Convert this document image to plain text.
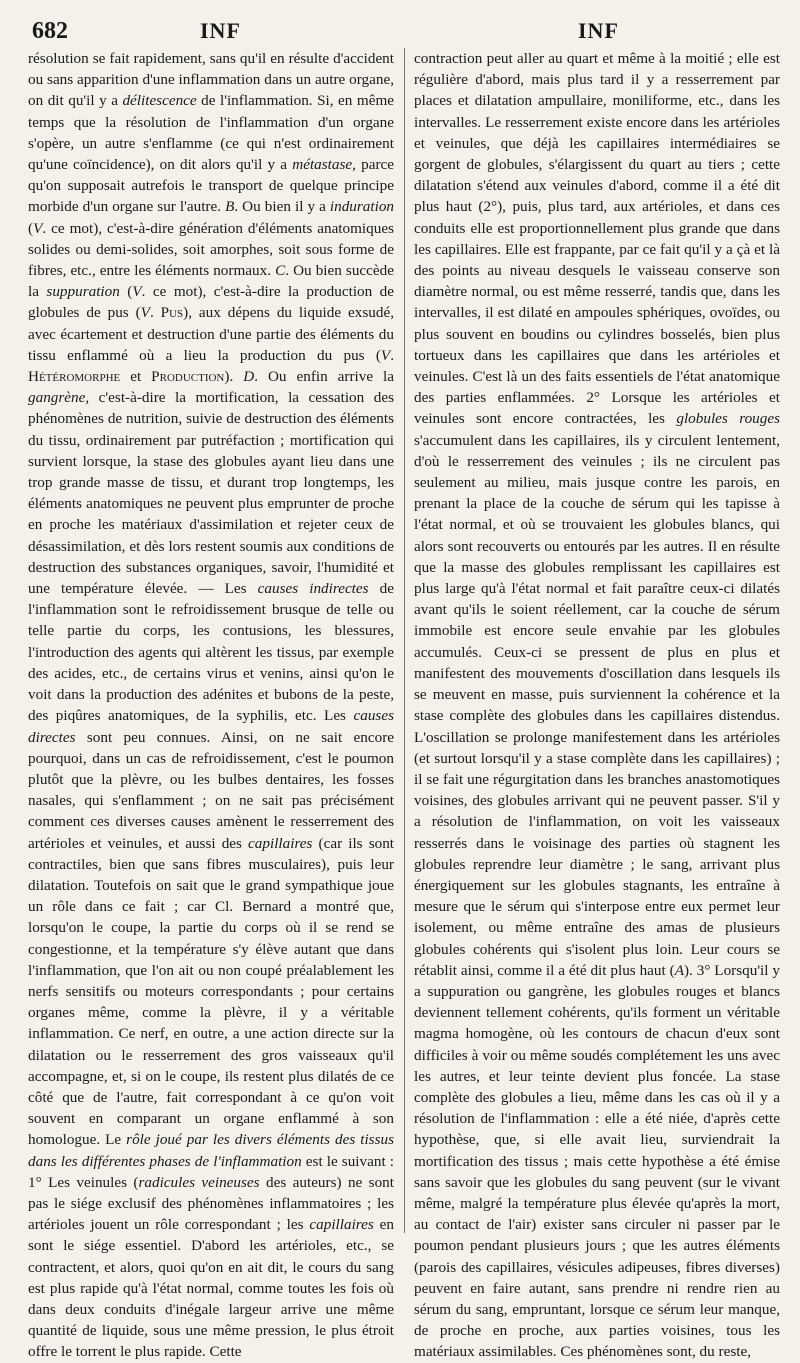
682	INF	INF

résolution se fait rapidement, sans qu'il en résulte d'accident ou sans apparition d'une inflammation dans un autre organe, on dit qu'il y a délitescence de l'inflammation. Si, en même temps que la résolution de l'inflammation d'un organe s'opère, un autre s'enflamme (ce qui n'est ordinairement qu'une coïncidence), on dit alors qu'il y a métastase, parce qu'on supposait autrefois le transport de quelque principe morbide d'un organe sur l'autre. B. Ou bien il y a induration (V. ce mot), c'est-à-dire génération d'éléments anatomiques solides ou demi-solides, soit amorphes, soit sous forme de fibres, etc., entre les éléments normaux. C. Ou bien succède la suppuration (V. ce mot), c'est-à-dire la production de globules de pus (V. Pus), aux dépens du liquide exsudé, avec écartement et destruction d'une partie des éléments du tissu enflammé où a lieu la production du pus (V. Hétéromorphe et Production). D. Ou enfin arrive la gangrène, c'est-à-dire la mortification, la cessation des phénomènes de nutrition, suivie de destruction des éléments du tissu, ordinairement par putréfaction ; mortification qui survient lorsque, la stase des globules ayant lieu dans une trop grande masse de tissu, et durant trop longtemps, les éléments anatomiques ne peuvent plus emprunter de proche en proche les matériaux d'assimilation et rejeter ceux de désassimilation, et dès lors restent soumis aux conditions de destruction des substances organiques, savoir, l'humidité et une température élevée. — Les causes indirectes de l'inflammation sont le refroidissement brusque de telle ou telle partie du corps, les contusions, les blessures, l'introduction des agents qui altèrent les tissus, par exemple des acides, etc., de certains virus et venins, ainsi qu'on le voit dans la production des adénites et bubons de la peste, des piqûres anatomiques, de la syphilis, etc. Les causes directes sont peu connues. Ainsi, on ne sait encore pourquoi, dans un cas de refroidissement, c'est le poumon plutôt que la plèvre, ou les bulbes dentaires, les fosses nasales, qui s'enflamment ; on ne sait pas précisément comment ces diverses causes amènent le resserrement des artérioles et veinules, et aussi des capillaires (car ils sont contractiles, bien que sans fibres musculaires), puis leur dilatation. Toutefois on sait que le grand sympathique joue un rôle dans ce fait ; car Cl. Bernard a montré que, lorsqu'on le coupe, la partie du corps où il se rend se congestionne, et la température s'y élève autant que dans l'inflammation, que l'on ait ou non coupé préalablement les nerfs sensitifs ou moteurs correspondants ; pour certains organes même, comme la plèvre, il y a véritable inflammation. Ce nerf, en outre, a une action directe sur la dilatation ou le resserrement des gros vaisseaux qu'il accompagne, et, si on le coupe, ils restent plus dilatés de ce côté que de l'autre, fait correspondant à ce qu'on voit souvent en comparant un organe enflammé à son homologue. Le rôle joué par les divers éléments des tissus dans les différentes phases de l'inflammation est le suivant : 1° Les veinules (radicules veineuses des auteurs) ne sont pas le siége exclusif des phénomènes inflammatoires ; les artérioles jouent un rôle correspondant ; les capillaires en sont le siége essentiel. D'abord les artérioles, etc., se contractent, et alors, quoi qu'on en ait dit, le cours du sang est plus rapide qu'à l'état normal, comme toutes les fois où dans deux conduits d'inégale largeur arrive une même quantité de liquide, sous une même pression, le plus étroit offre le torrent le plus rapide. Cette

contraction peut aller au quart et même à la moitié ; elle est régulière d'abord, mais plus tard il y a resserrement par places et dilatation ampullaire, moniliforme, etc., dans les intervalles. Le resserrement existe encore dans les artérioles et veinules, que déjà les capillaires intermédiaires se gorgent de globules, s'élargissent du quart au tiers ; cette dilatation s'étend aux veinules d'abord, comme il a été dit plus haut (2°), puis, plus tard, aux artérioles, et dans ces conduits elle est proportionnellement plus grande que dans les capillaires. Elle est frappante, par ce fait qu'il y a çà et là des points au niveau desquels le vaisseau conserve son diamètre normal, ou est même resserré, tandis que, dans les intervalles, il est dilaté en ampoules sphériques, ovoïdes, ou plus souvent en boudins ou cylindres bosselés, bien plus tortueux dans les capillaires que dans les artérioles et veinules. C'est là un des faits essentiels de l'état anatomique des parties enflammées. 2° Lorsque les artérioles et veinules sont encore contractées, les globules rouges s'accumulent dans les capillaires, ils y circulent lentement, d'où le resserrement des veinules ; ils ne circulent pas seulement au milieu, mais jusque contre les parois, en prenant la place de la couche de sérum qui les tapisse à l'état normal, et où se trouvaient les globules blancs, qui alors sont recouverts ou entourés par les autres. Il en résulte que la masse des globules remplissant les capillaires est plus large qu'à l'état normal et fait paraître ceux-ci dilatés avant qu'ils le soient réellement, car la couche de sérum immobile est encore seule envahie par les globules accumulés. Ceux-ci se pressent de plus en plus et manifestent des mouvements d'oscillation dans lesquels ils se meuvent en masse, puis surviennent la cohérence et la stase complète des globules dans les capillaires distendus. L'oscillation se prolonge manifestement dans les artérioles (et surtout lorsqu'il y a stase complète dans les capillaires) ; il se fait une régurgitation dans les branches anastomotiques voisines, des globules arrivant qui ne peuvent passer. S'il y a résolution de l'inflammation, on voit les vaisseaux resserrés dans le voisinage des parties où stagnent les globules reprendre leur diamètre ; le sang, arrivant plus énergiquement sur les globules stagnants, les entraîne à mesure que le sérum qui s'interpose entre eux permet leur isolement, ou même entraîne des amas de plusieurs globules cohérents qui s'isolent plus loin. Leur cours se rétablit ainsi, comme il a été dit plus haut (A). 3° Lorsqu'il y a suppuration ou gangrène, les globules rouges et blancs deviennent tellement cohérents, qu'ils forment un véritable magma homogène, où les contours de chacun d'eux sont difficiles à voir ou même soudés complétement les uns avec les autres, et leur teinte devient plus foncée. La stase complète des globules a lieu, même dans les cas où il y a résolution de l'inflammation : elle a été niée, d'après cette hypothèse, que, si elle avait lieu, surviendrait la mortification des tissus ; mais cette hypothèse a été émise sans savoir que les globules du sang peuvent (sur le vivant même, malgré la température plus élevée qu'après la mort, au contact de l'air) exister sans circuler ni passer par le poumon pendant plusieurs jours ; que les autres éléments (parois des capillaires, vésicules adipeuses, fibres diverses) peuvent en faire autant, sans prendre ni rendre rien au sérum du sang, empruntant, lorsque ce sérum leur manque, de proche en proche, aux parties voisines, tous les matériaux assimilables. Ces phénomènes sont, du reste,
